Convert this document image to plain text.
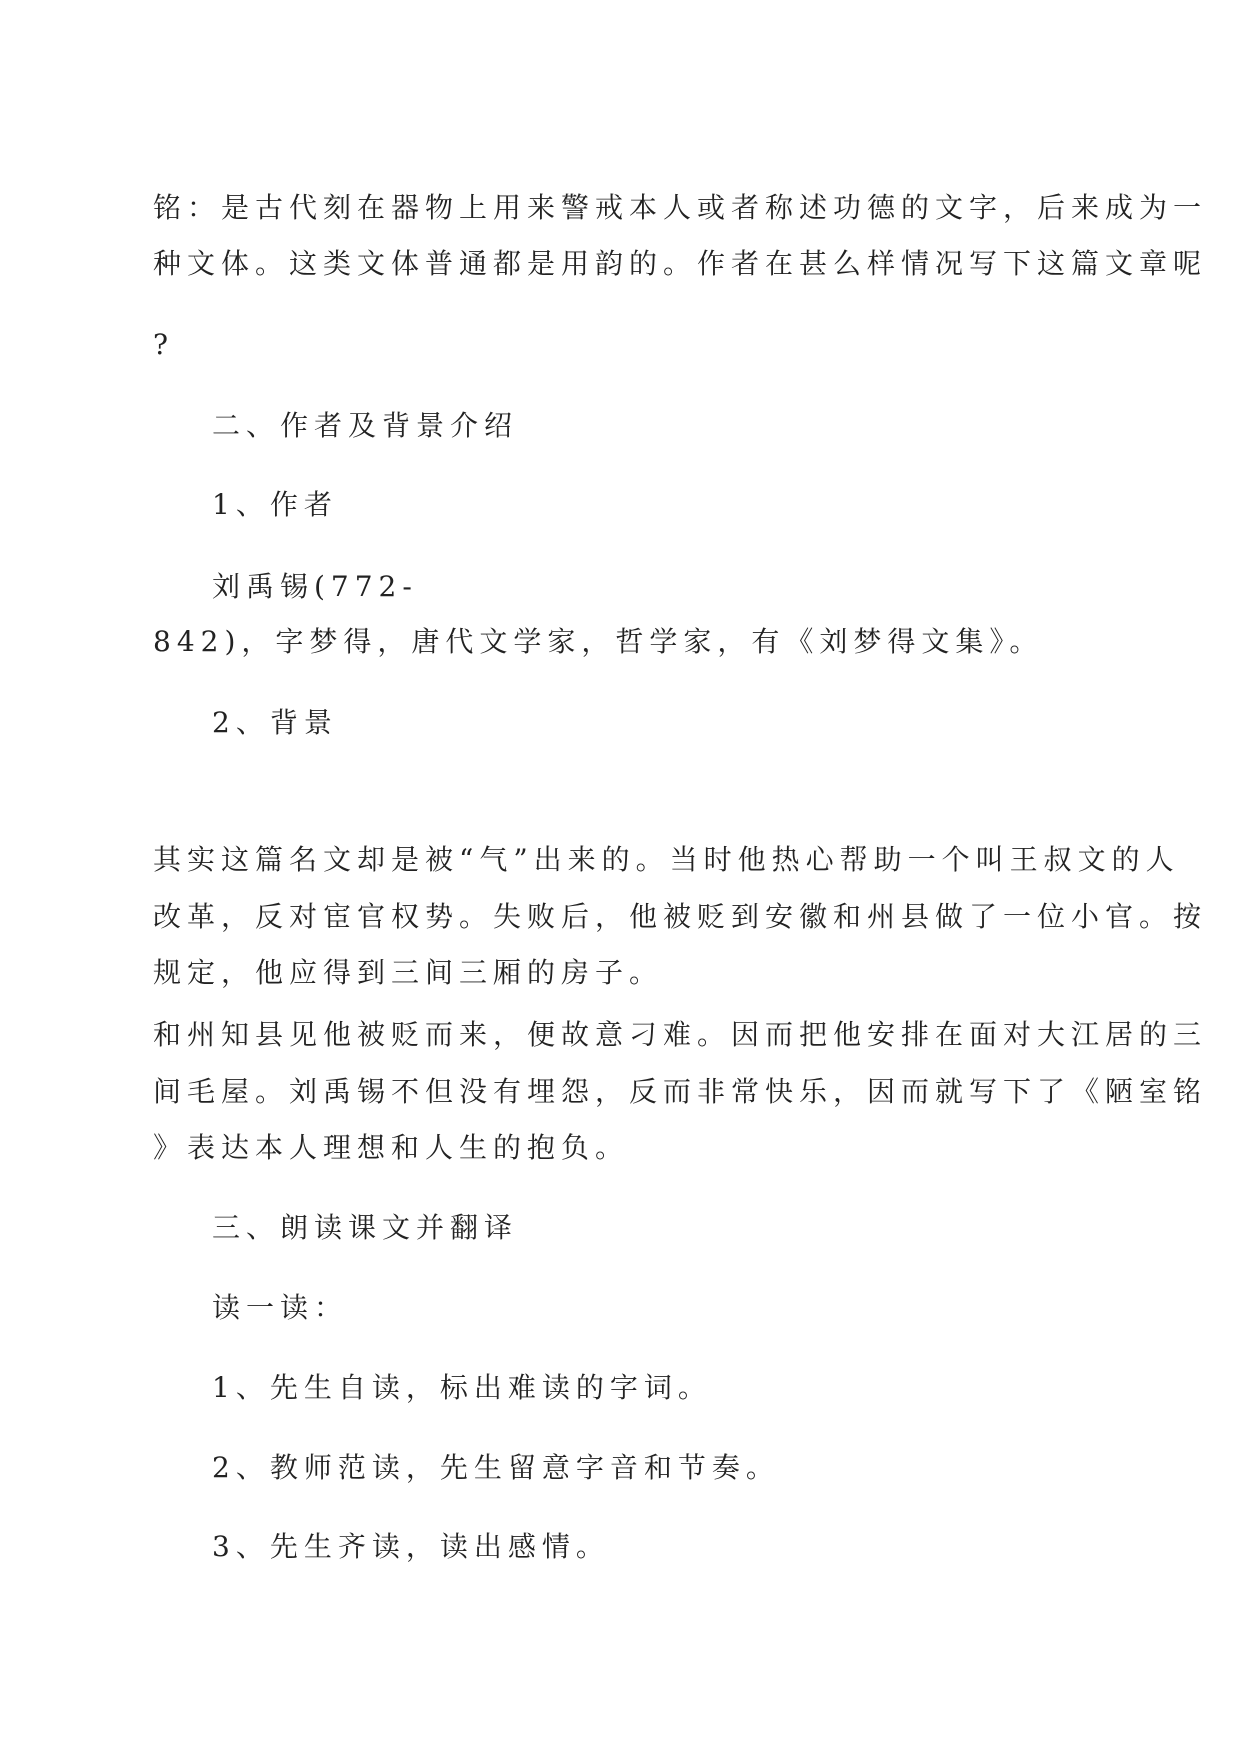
铭：是古代刻在器物上用来警戒本人或者称述功德的文字，后来成为一
种文体。这类文体普通都是用韵的。作者在甚么样情况写下这篇文章呢
?
二、作者及背景介绍
1、作者
刘禹锡(772-
842)，字梦得，唐代文学家，哲学家，有《刘梦得文集》。
2、背景
其实这篇名文却是被“气”出来的。当时他热心帮助一个叫王叔文的人
改革，反对宦官权势。失败后，他被贬到安徽和州县做了一位小官。按
规定，他应得到三间三厢的房子。
和州知县见他被贬而来，便故意刁难。因而把他安排在面对大江居的三
间毛屋。刘禹锡不但没有埋怨，反而非常快乐，因而就写下了《陋室铭
》表达本人理想和人生的抱负。
三、朗读课文并翻译
读一读：
1、先生自读，标出难读的字词。
2、教师范读，先生留意字音和节奏。
3、先生齐读，读出感情。
